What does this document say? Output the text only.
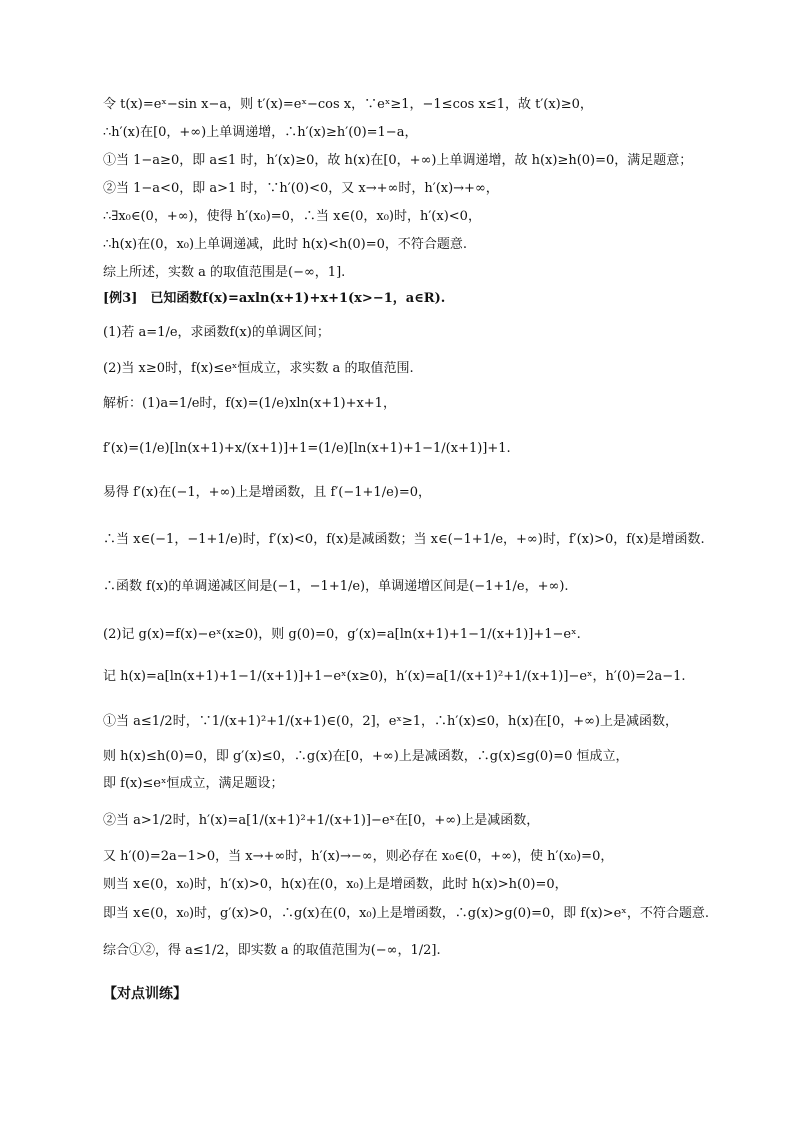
令 t(x)=eˣ−sin x−a，则 t′(x)=eˣ−cos x，∵eˣ≥1，−1≤cos x≤1，故 t′(x)≥0，
∴h′(x)在[0，+∞)上单调递增，∴h′(x)≥h′(0)=1−a，
①当 1−a≥0，即 a≤1 时，h′(x)≥0，故 h(x)在[0，+∞)上单调递增，故 h(x)≥h(0)=0，满足题意；
②当 1−a<0，即 a>1 时，∵h′(0)<0，又 x→+∞时，h′(x)→+∞，
∴∃x₀∈(0，+∞)，使得 h′(x₀)=0，∴当 x∈(0，x₀)时，h′(x)<0，
∴h(x)在(0，x₀)上单调递减，此时 h(x)<h(0)=0，不符合题意.
综上所述，实数 a 的取值范围是(−∞，1].
[例3]　已知函数f(x)=axln(x+1)+x+1(x>−1，a∈R).
(1)若 a=1/e，求函数f(x)的单调区间；
(2)当 x≥0时，f(x)≤eˣ恒成立，求实数 a 的取值范围.
解析：(1)a=1/e时，f(x)=(1/e)xln(x+1)+x+1，
f′(x)=(1/e)[ln(x+1)+x/(x+1)]+1=(1/e)[ln(x+1)+1−1/(x+1)]+1.
易得 f′(x)在(−1，+∞)上是增函数，且 f′(−1+1/e)=0，
∴当 x∈(−1，−1+1/e)时，f′(x)<0，f(x)是减函数；当 x∈(−1+1/e，+∞)时，f′(x)>0，f(x)是增函数.
∴函数 f(x)的单调递减区间是(−1，−1+1/e)，单调递增区间是(−1+1/e，+∞).
(2)记 g(x)=f(x)−eˣ(x≥0)，则 g(0)=0，g′(x)=a[ln(x+1)+1−1/(x+1)]+1−eˣ.
记 h(x)=a[ln(x+1)+1−1/(x+1)]+1−eˣ(x≥0)，h′(x)=a[1/(x+1)²+1/(x+1)]−eˣ，h′(0)=2a−1.
①当 a≤1/2时，∵1/(x+1)²+1/(x+1)∈(0，2]，eˣ≥1，∴h′(x)≤0，h(x)在[0，+∞)上是减函数，
则 h(x)≤h(0)=0，即 g′(x)≤0，∴g(x)在[0，+∞)上是减函数，∴g(x)≤g(0)=0 恒成立，
即 f(x)≤eˣ恒成立，满足题设；
②当 a>1/2时，h′(x)=a[1/(x+1)²+1/(x+1)]−eˣ在[0，+∞)上是减函数，
又 h′(0)=2a−1>0，当 x→+∞时，h′(x)→−∞，则必存在 x₀∈(0，+∞)，使 h′(x₀)=0，
则当 x∈(0，x₀)时，h′(x)>0，h(x)在(0，x₀)上是增函数，此时 h(x)>h(0)=0，
即当 x∈(0，x₀)时，g′(x)>0，∴g(x)在(0，x₀)上是增函数，∴g(x)>g(0)=0，即 f(x)>eˣ，不符合题意.
综合①②，得 a≤1/2，即实数 a 的取值范围为(−∞，1/2].
【对点训练】
